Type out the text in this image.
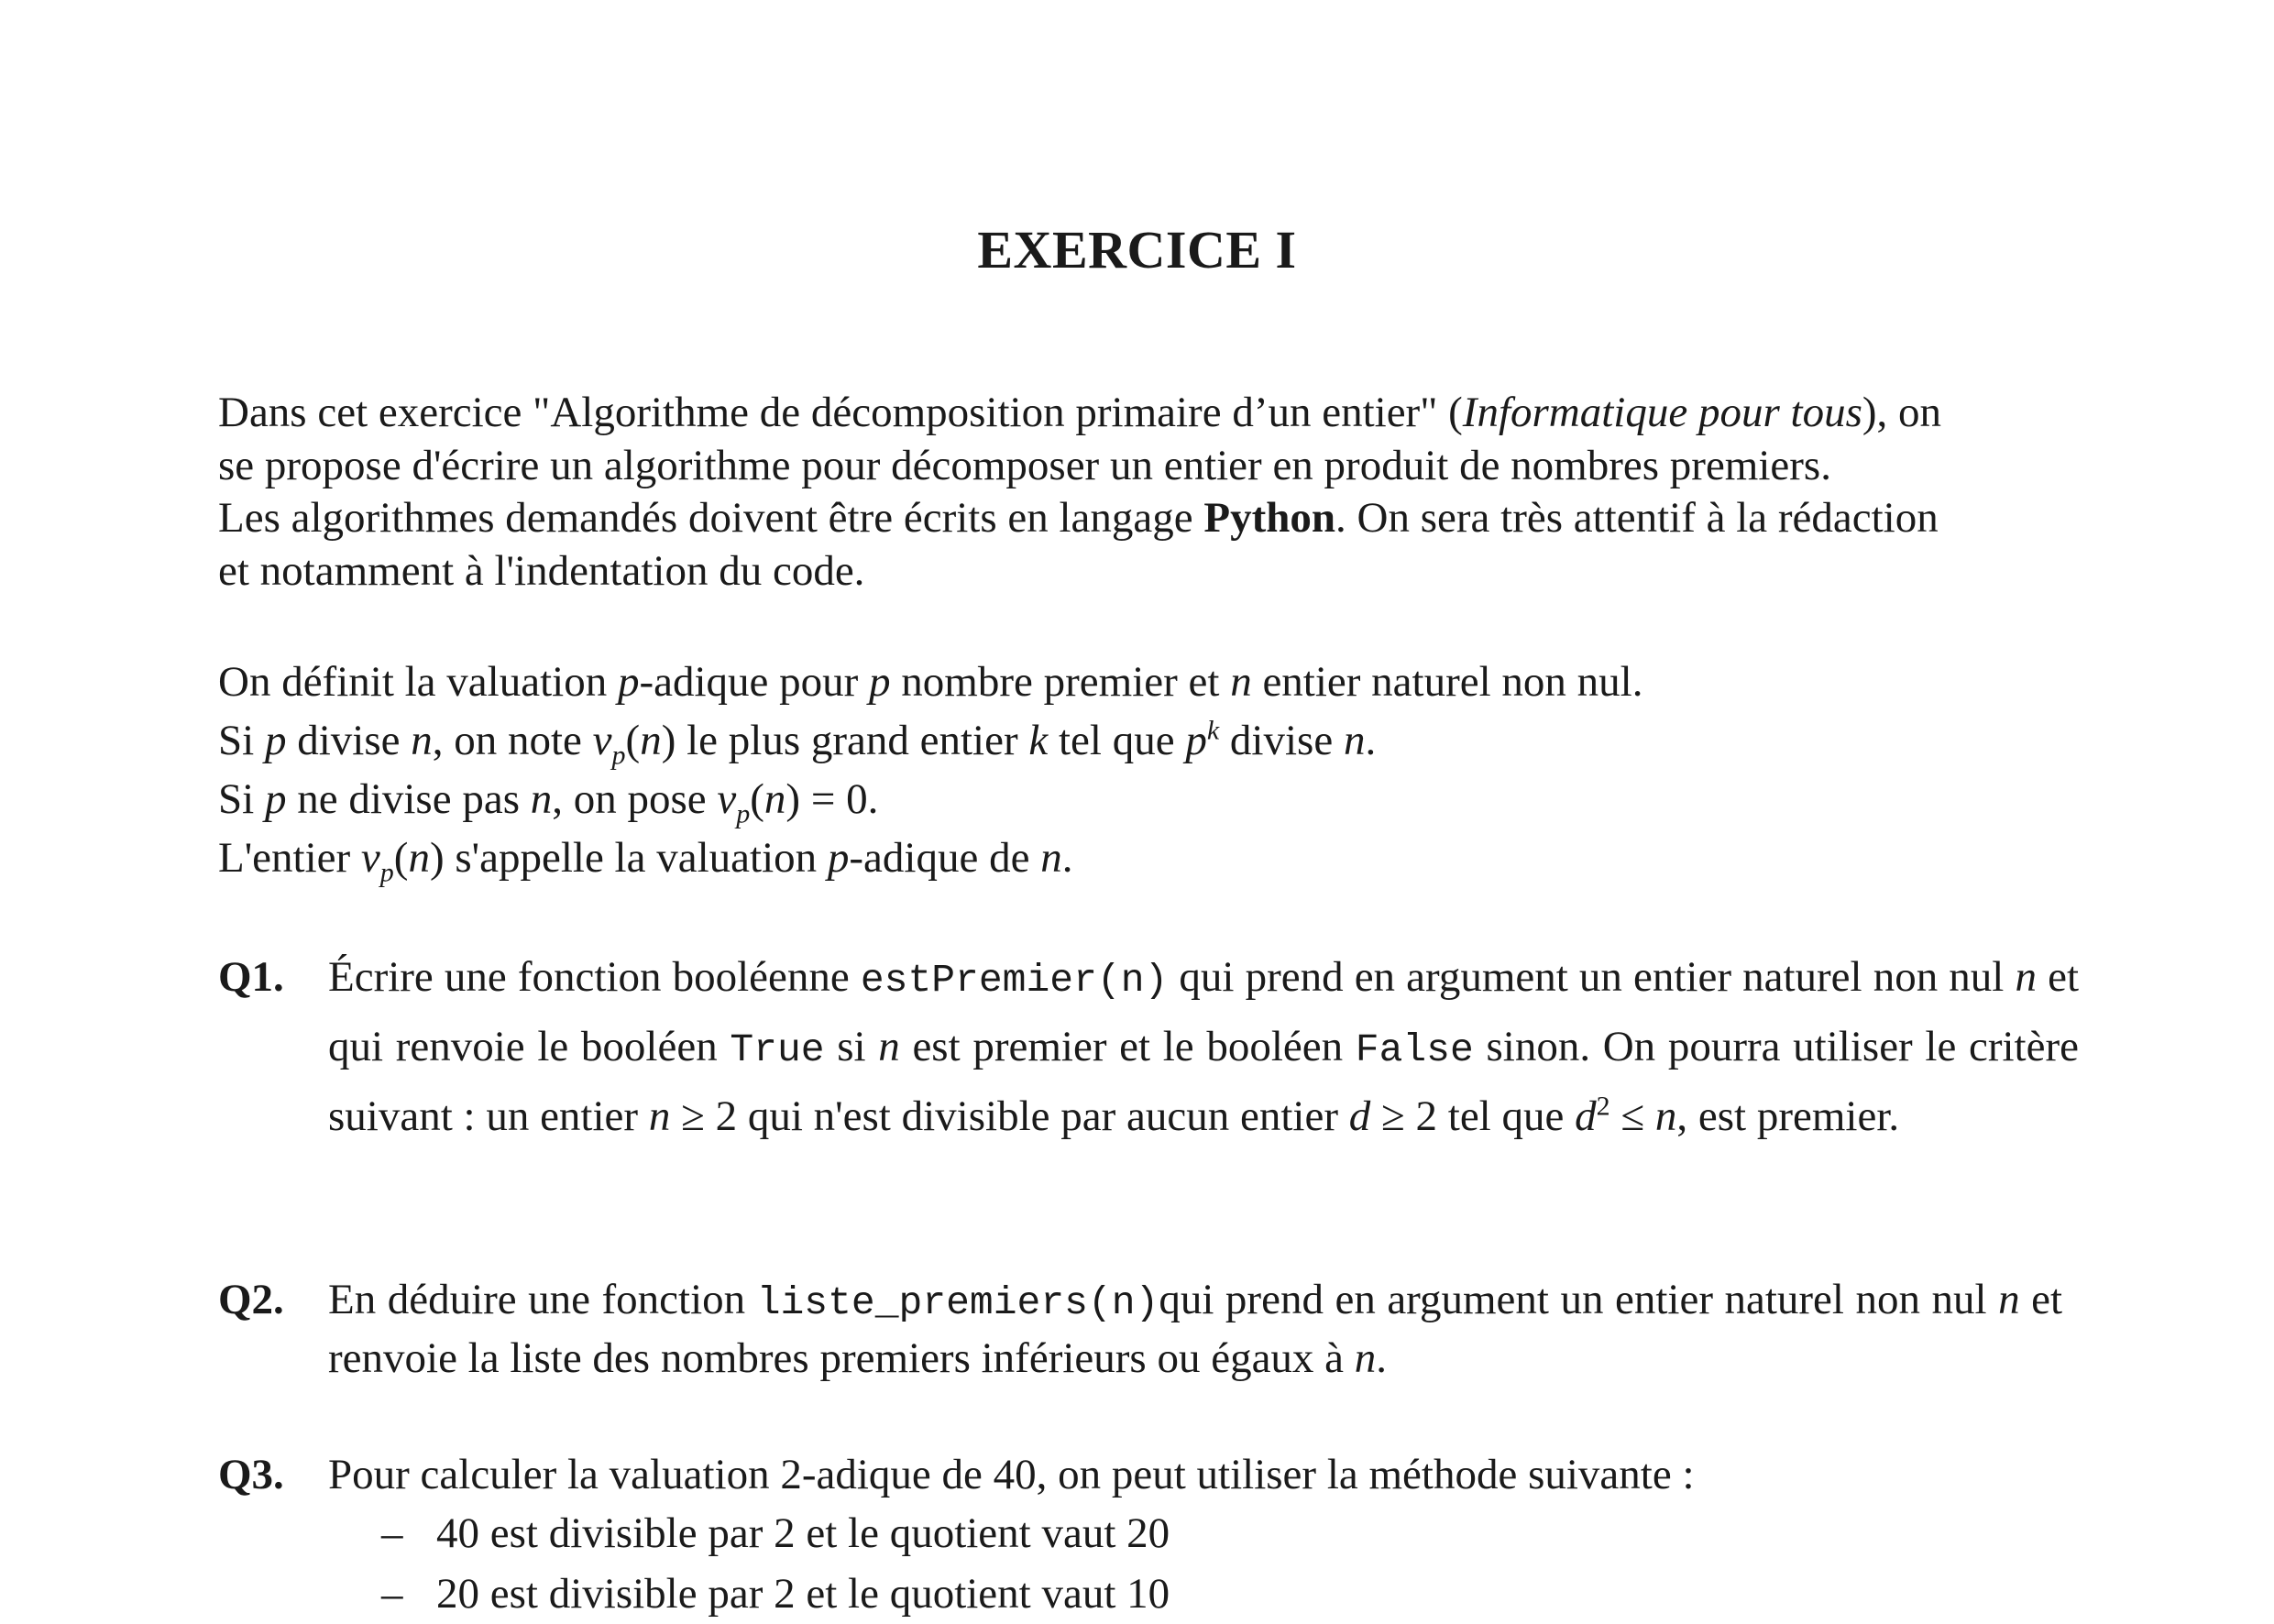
EXERCICE I
Dans cet exercice "Algorithme de décomposition primaire d’un entier" (Informatique pour tous), on
se propose d'écrire un algorithme pour décomposer un entier en produit de nombres premiers.
Les algorithmes demandés doivent être écrits en langage Python. On sera très attentif à la rédaction
et notamment à l'indentation du code.
On définit la valuation p-adique pour p nombre premier et n entier naturel non nul.
Si p divise n, on note $v_p(n)$ le plus grand entier k tel que $p^k$ divise n.
Si p ne divise pas n, on pose $v_p(n) = 0$.
L'entier $v_p(n)$ s'appelle la valuation p-adique de n.
Q1. Écrire une fonction booléenne estPremier(n) qui prend en argument un entier naturel non nul n et qui renvoie le booléen True si n est premier et le booléen False sinon. On pourra utiliser le critère suivant : un entier n ≥ 2 qui n'est divisible par aucun entier d ≥ 2 tel que $d^2 \le n$, est premier.
Q2. En déduire une fonction liste_premiers(n)qui prend en argument un entier naturel non nul n et renvoie la liste des nombres premiers inférieurs ou égaux à n.
Q3. Pour calculer la valuation 2-adique de 40, on peut utiliser la méthode suivante :
– 40 est divisible par 2 et le quotient vaut 20
– 20 est divisible par 2 et le quotient vaut 10
